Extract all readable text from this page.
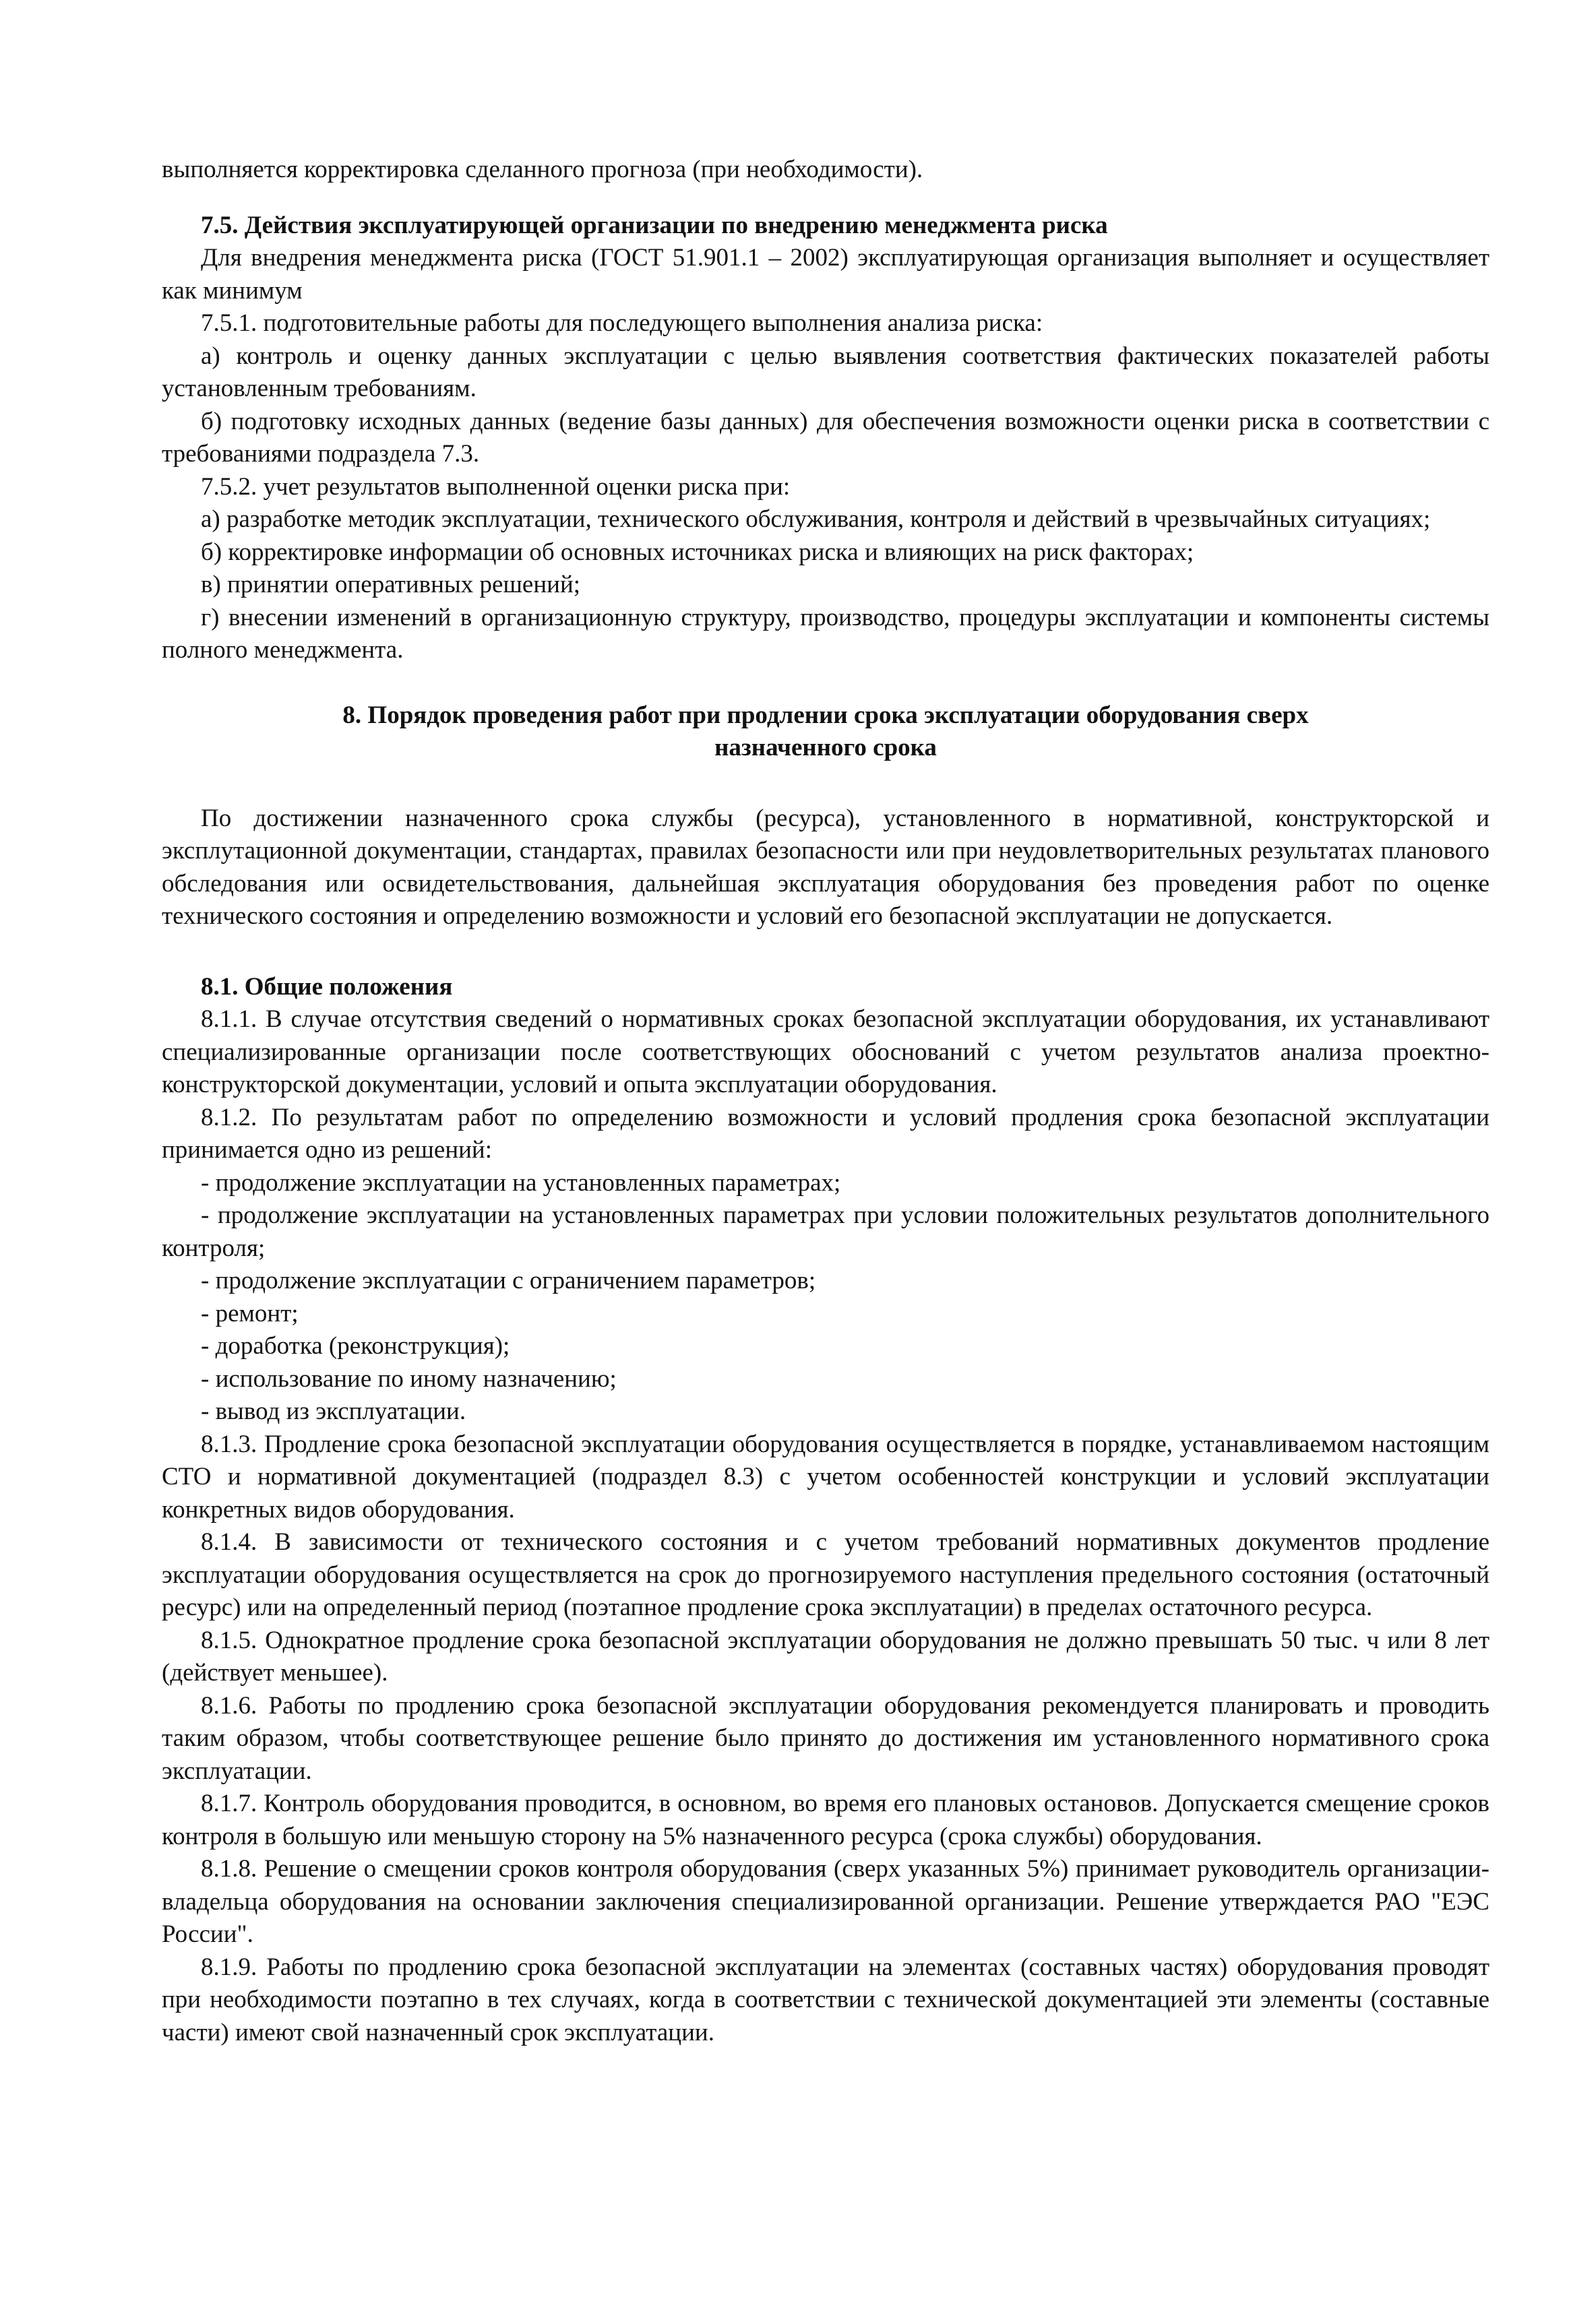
выполняется корректировка сделанного прогноза (при необходимости).

7.5. Действия эксплуатирующей организации по внедрению менеджмента риска

Для внедрения менеджмента риска (ГОСТ 51.901.1 – 2002) эксплуатирующая организация выполняет и осуществляет как минимум

7.5.1. подготовительные работы для последующего выполнения анализа риска:

а) контроль и оценку данных эксплуатации с целью выявления соответствия фактических показателей работы установленным требованиям.

б) подготовку исходных данных (ведение базы данных) для обеспечения возможности оценки риска в соответствии с требованиями подраздела 7.3.

7.5.2. учет результатов выполненной оценки риска при:

а) разработке методик эксплуатации, технического обслуживания, контроля и действий в чрезвычайных ситуациях;

б) корректировке информации об основных источниках риска и влияющих на риск факторах;

в) принятии оперативных решений;

г) внесении изменений в организационную структуру, производство, процедуры эксплуатации и компоненты системы полного менеджмента.

8. Порядок проведения работ при продлении срока эксплуатации оборудования сверх назначенного срока

По достижении назначенного срока службы (ресурса), установленного в нормативной, конструкторской и эксплутационной документации, стандартах, правилах безопасности или при неудовлетворительных результатах планового обследования или освидетельствования, дальнейшая эксплуатация оборудования без проведения работ по оценке технического состояния и определению возможности и условий его безопасной эксплуатации не допускается.

8.1. Общие положения

8.1.1. В случае отсутствия сведений о нормативных сроках безопасной эксплуатации оборудования, их устанавливают специализированные организации после соответствующих обоснований с учетом результатов анализа проектно-конструкторской документации, условий и опыта эксплуатации оборудования.

8.1.2. По результатам работ по определению возможности и условий продления срока безопасной эксплуатации принимается одно из решений:

- продолжение эксплуатации на установленных параметрах;

- продолжение эксплуатации на установленных параметрах при условии положительных результатов дополнительного контроля;

- продолжение эксплуатации с ограничением параметров;

- ремонт;

- доработка (реконструкция);

- использование по иному назначению;

- вывод из эксплуатации.

8.1.3. Продление срока безопасной эксплуатации оборудования осуществляется в порядке, устанавливаемом настоящим СТО и нормативной документацией (подраздел 8.3) с учетом особенностей конструкции и условий эксплуатации конкретных видов оборудования.

8.1.4. В зависимости от технического состояния и с учетом требований нормативных документов продление эксплуатации оборудования осуществляется на срок до прогнозируемого наступления предельного состояния (остаточный ресурс) или на определенный период (поэтапное продление срока эксплуатации) в пределах остаточного ресурса.

8.1.5. Однократное продление срока безопасной эксплуатации оборудования не должно превышать 50 тыс. ч или 8 лет (действует меньшее).

8.1.6. Работы по продлению срока безопасной эксплуатации оборудования рекомендуется планировать и проводить таким образом, чтобы соответствующее решение было принято до достижения им установленного нормативного срока эксплуатации.

8.1.7. Контроль оборудования проводится, в основном, во время его плановых остановов. Допускается смещение сроков контроля в большую или меньшую сторону на 5% назначенного ресурса (срока службы) оборудования.

8.1.8. Решение о смещении сроков контроля оборудования (сверх указанных 5%) принимает руководитель организации-владельца оборудования на основании заключения специализированной организации. Решение утверждается РАО "ЕЭС России".

8.1.9. Работы по продлению срока безопасной эксплуатации на элементах (составных частях) оборудования проводят при необходимости поэтапно в тех случаях, когда в соответствии с технической документацией эти элементы (составные части) имеют свой назначенный срок эксплуатации.
